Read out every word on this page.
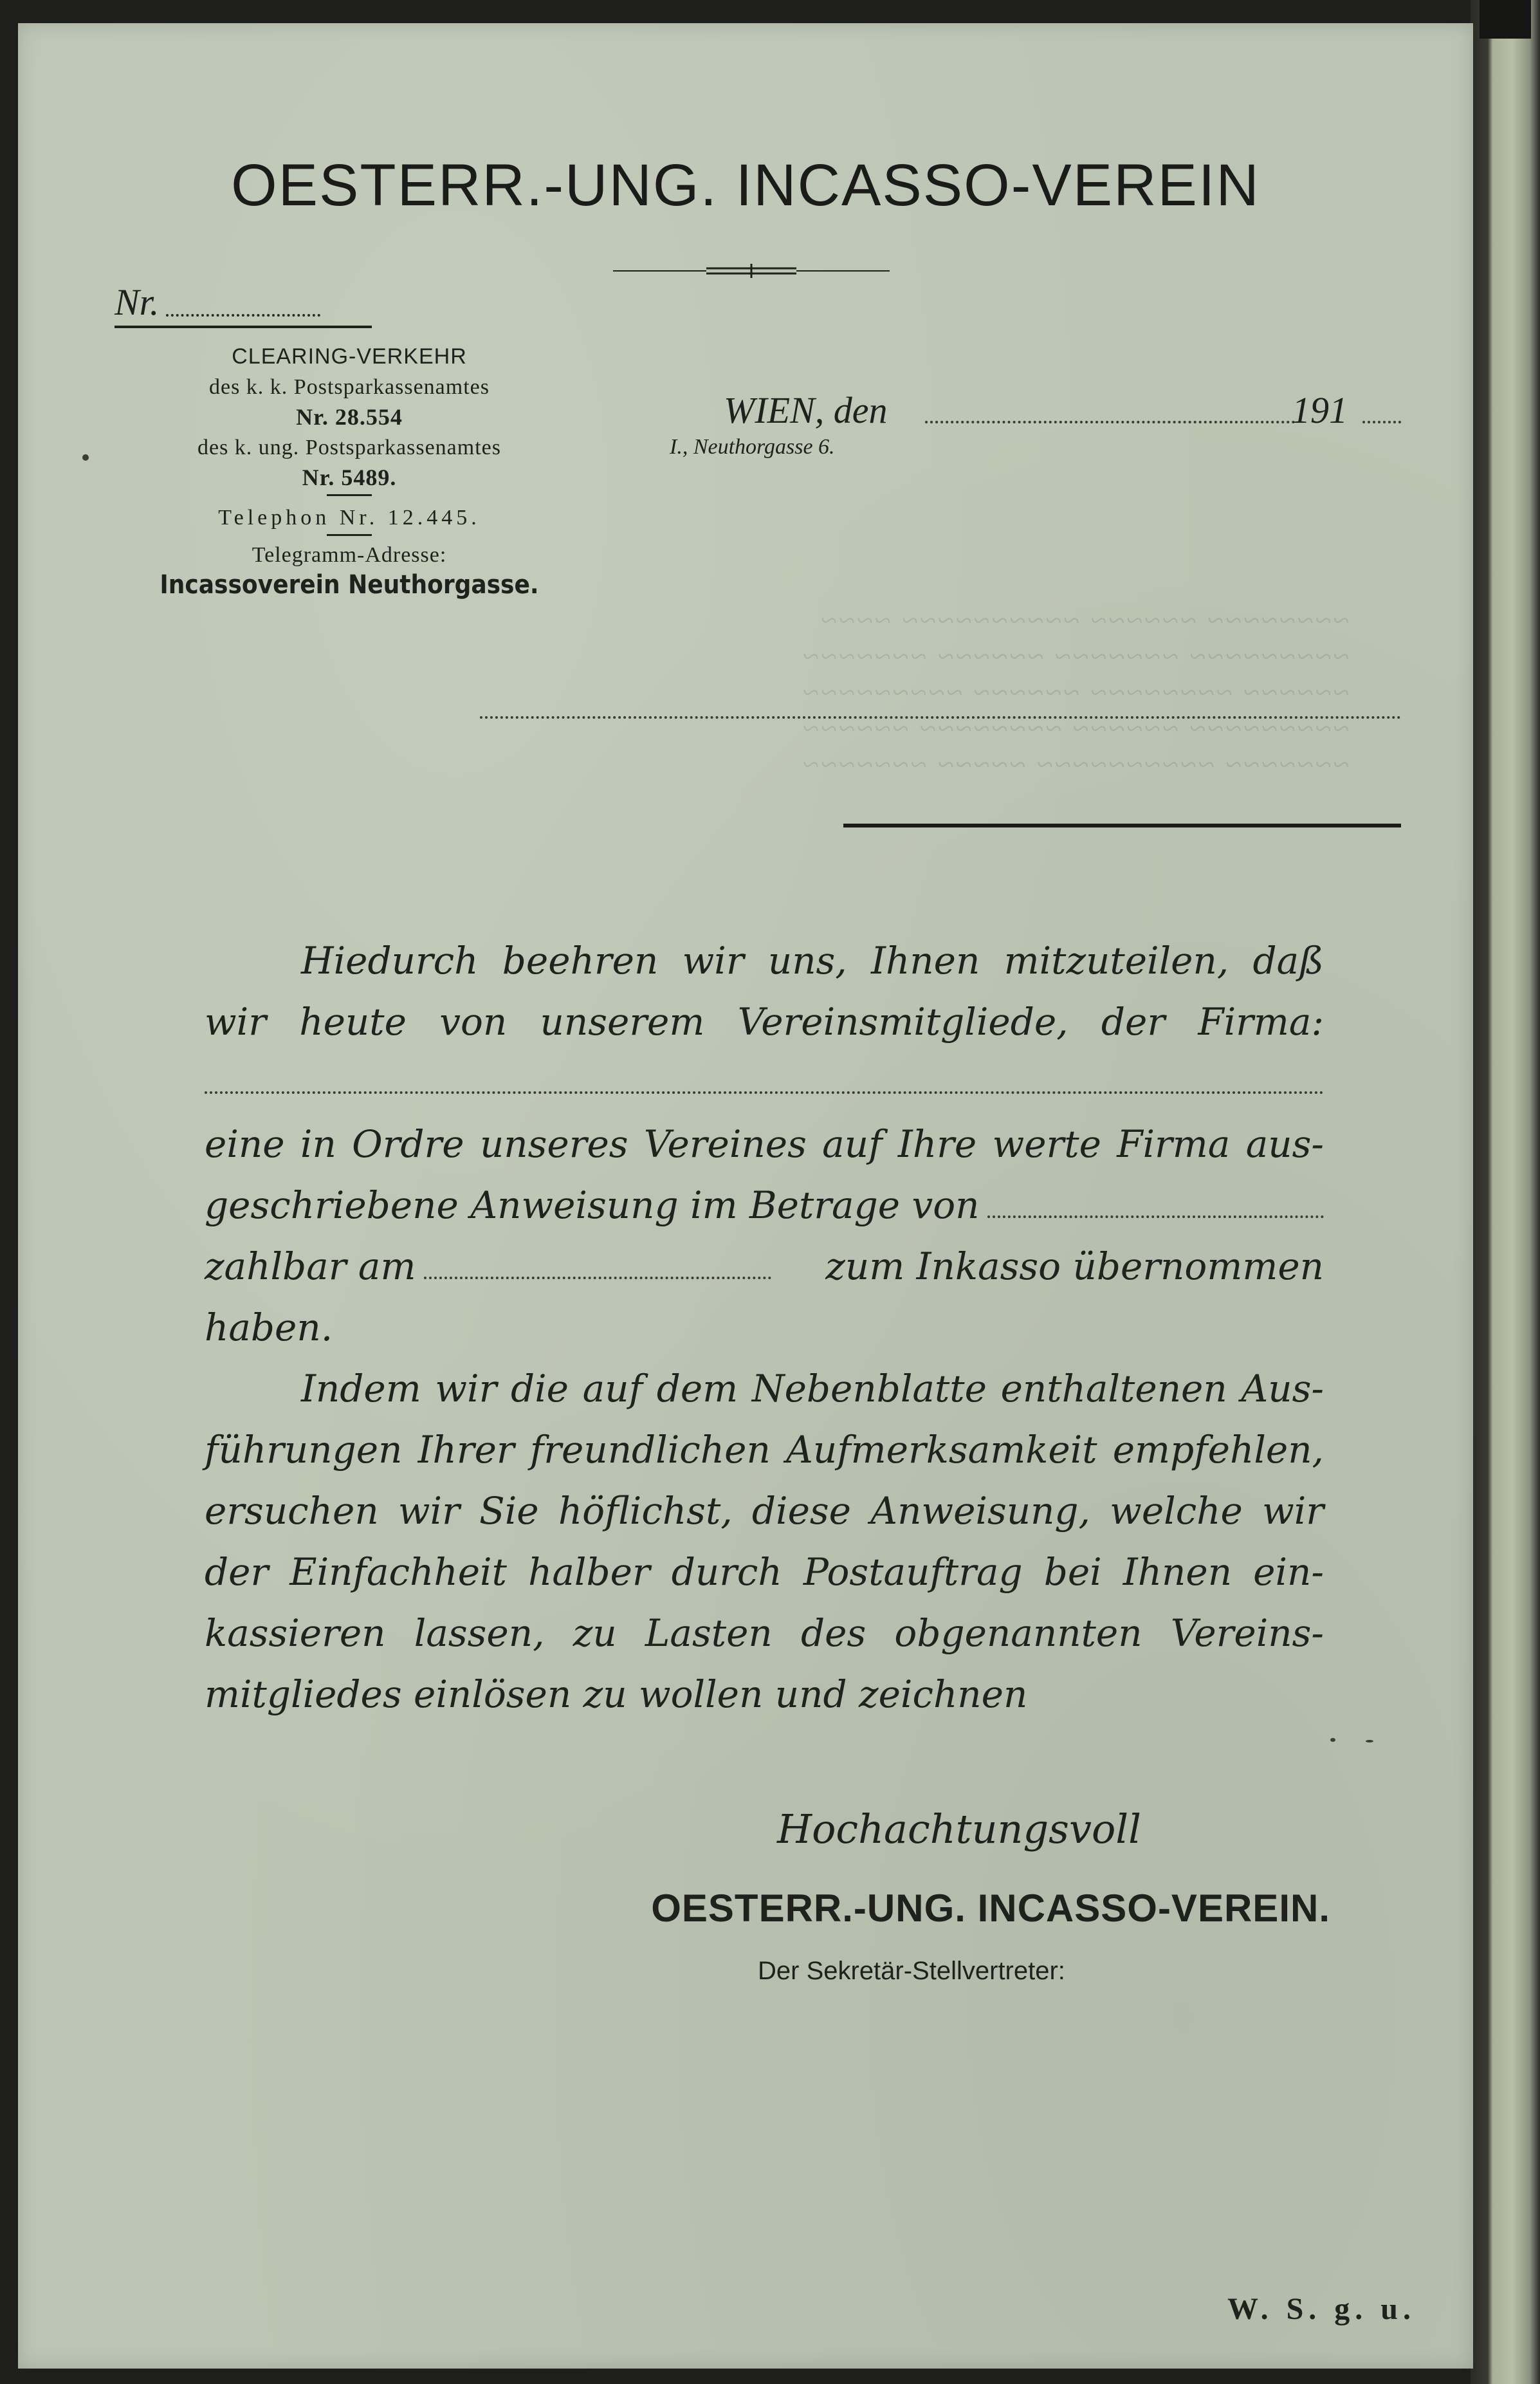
OESTERR.-UNG. INCASSO-VEREIN
Nr.
CLEARING-VERKEHR
des k. k. Postsparkassenamtes
Nr. 28.554
des k. ung. Postsparkassenamtes
Nr. 5489.
Telephon Nr. 12.445.
Telegramm-Adresse:
Incassoverein Neuthorgasse.
WIEN, den	191
I., Neuthorgasse 6.
~~~~~~~~ ~~~~~~ ~~~~~~~~~~ ~~~~
~~~~~~~~~ ~~~~~~~ ~~~~~~ ~~~~~~~
~~~~~~ ~~~~~~~~ ~~~~~~ ~~~~~~~~~
~~~~~~~~~ ~~~~~~ ~~~~~~~~ ~~~~~~
~~~~~~~ ~~~~~~~~~~ ~~~~~ ~~~~~~~
Hiedurch beehren wir uns, Ihnen mitzuteilen, daß
wir heute von unserem Vereinsmitgliede, der Firma:
eine in Ordre unseres Vereines auf Ihre werte Firma aus-
geschriebene Anweisung im Betrage von
zahlbar am	zum Inkasso übernommen
haben.
Indem wir die auf dem Nebenblatte enthaltenen Aus-
führungen Ihrer freundlichen Aufmerksamkeit empfehlen,
ersuchen wir Sie höflichst, diese Anweisung, welche wir
der Einfachheit halber durch Postauftrag bei Ihnen ein-
kassieren lassen, zu Lasten des obgenannten Vereins-
mitgliedes einlösen zu wollen und zeichnen
Hochachtungsvoll
OESTERR.-UNG. INCASSO-VEREIN.
Der Sekretär-Stellvertreter:
W. S. g. u.
